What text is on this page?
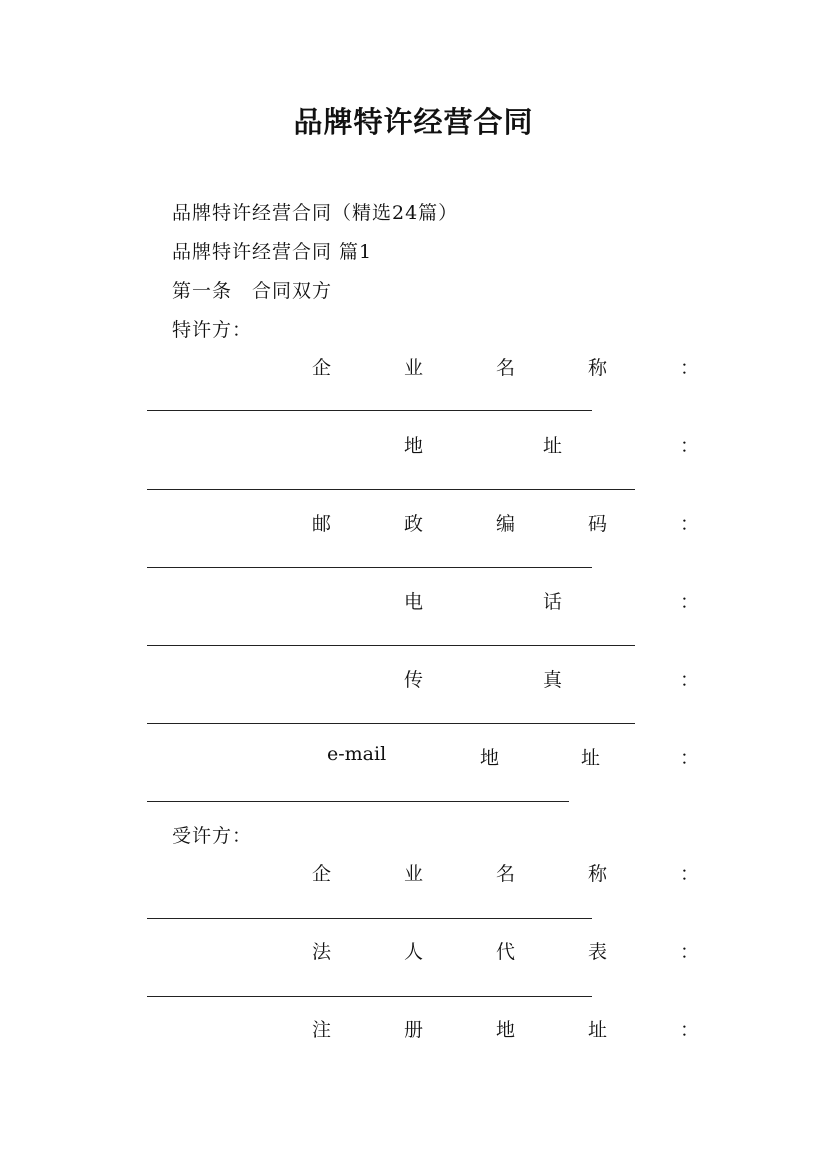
品牌特许经营合同
品牌特许经营合同（精选24篇）
品牌特许经营合同 篇1
第一条　合同双方
特许方：
企	业	名	称	：
地	址	：
邮	政	编	码	：
电	话	：
传	真	：
e-mail	地	址	：
受许方：
企	业	名	称	：
法	人	代	表	：
注	册	地	址	：
